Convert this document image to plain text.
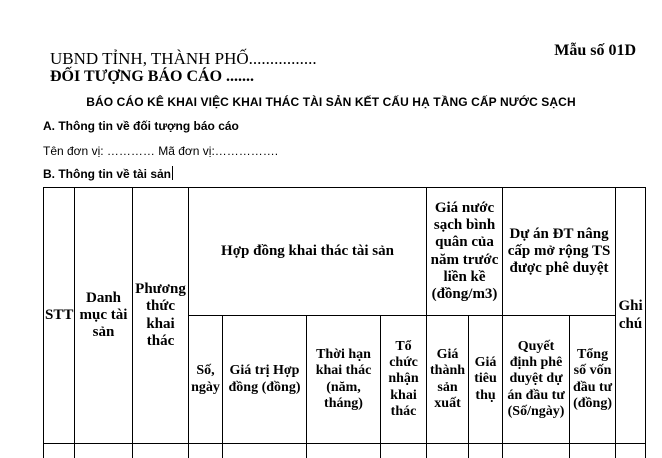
UBND TỈNH, THÀNH PHỐ................
ĐỐI TƯỢNG BÁO CÁO .......
Mẫu số 01D
BÁO CÁO KÊ KHAI VIỆC KHAI THÁC TÀI SẢN KẾT CẤU HẠ TẦNG CẤP NƯỚC SẠCH
A. Thông tin về đối tượng báo cáo
Tên đơn vị: ………… Mã đơn vị:…………….
B. Thông tin về tài sản
STT	Danh mục tài sản	Phương thức khai thác	Hợp đồng khai thác tài sản				Giá nước sạch bình quân của năm trước liền kề (đồng/m3)		Dự án ĐT nâng cấp mở rộng TS được phê duyệt		Ghi chú
			Số, ngày	Giá trị Hợp đồng (đồng)	Thời hạn khai thác (năm, tháng)	Tổ chức nhận khai thác	Giá thành sản xuất	Giá tiêu thụ	Quyết định phê duyệt dự án đầu tư (Số/ngày)	Tổng số vốn đầu tư (đồng)	
